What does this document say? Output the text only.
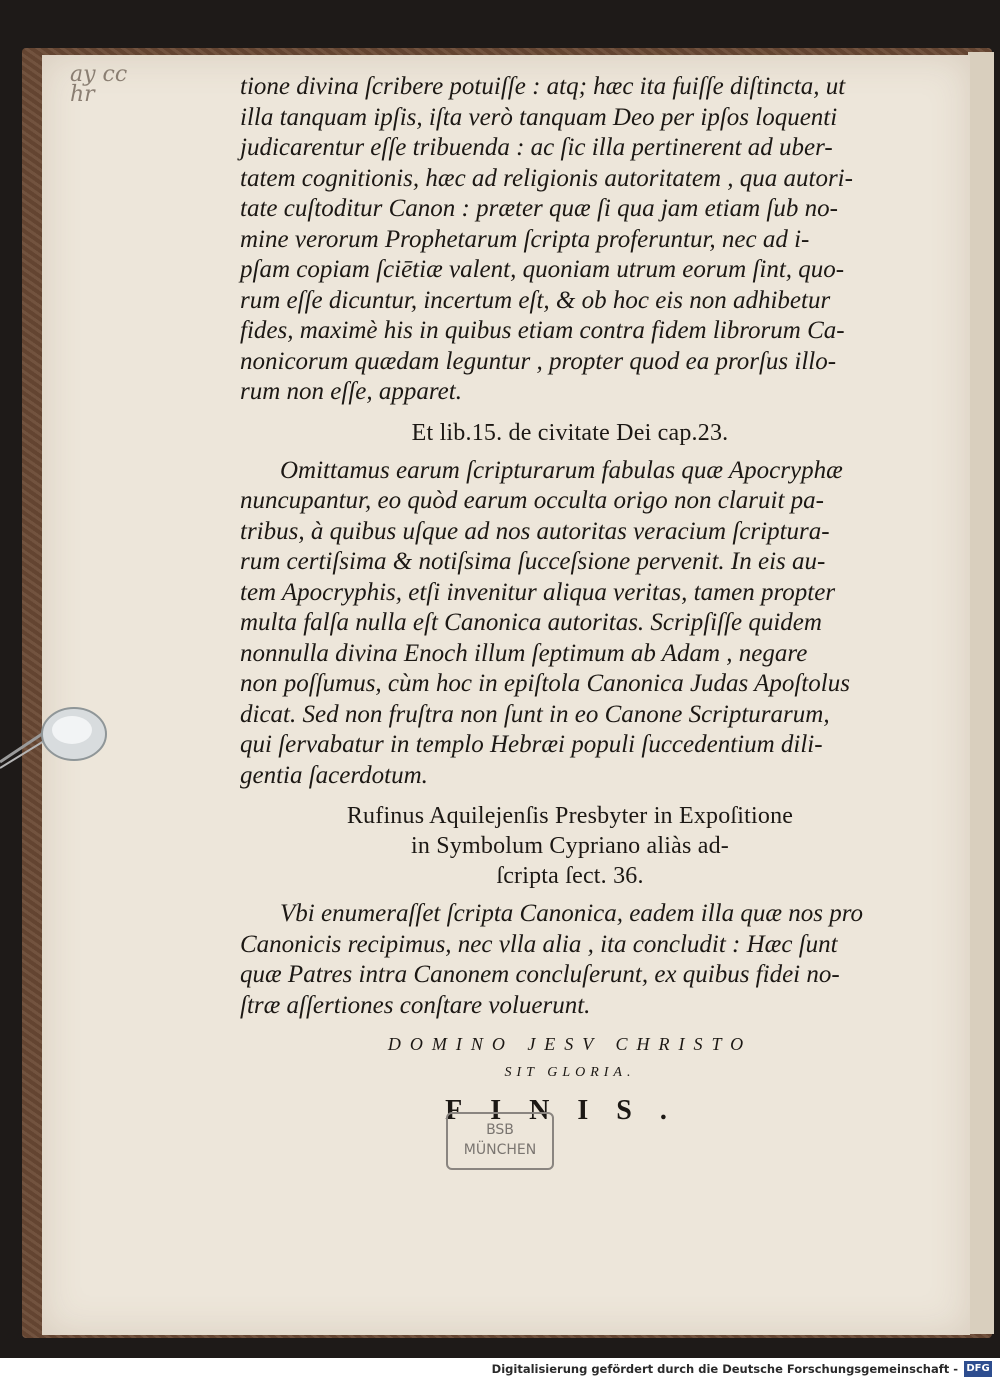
ay cc hr	tione divina ſcribere potuiſſe : atq; hæc ita fuiſſe diſtincta, ut

illa tanquam ipſis, iſta verò tanquam Deo per ipſos loquenti

judicarentur eſſe tribuenda : ac ſic illa pertinerent ad uber-

tatem cognitionis, hæc ad religionis autoritatem , qua autori-

tate cuſtoditur Canon : præter quæ ſi qua jam etiam ſub no-

mine verorum Prophetarum ſcripta proferuntur, nec ad i-

pſam copiam ſciētiæ valent, quoniam utrum eorum ſint, quo-

rum eſſe dicuntur, incertum eſt, & ob hoc eis non adhibetur

fides, maximè his in quibus etiam contra fidem librorum Ca-

nonicorum quædam leguntur , propter quod ea prorſus illo-

rum non eſſe, apparet.

Et lib.15. de civitate Dei cap.23.

Omittamus earum ſcripturarum fabulas quæ Apocryphæ

nuncupantur, eo quòd earum occulta origo non claruit pa-

tribus, à quibus uſque ad nos autoritas veracium ſcriptura-

rum certiſsima & notiſsima ſucceſsione pervenit. In eis au-

tem Apocryphis, etſi invenitur aliqua veritas, tamen propter

multa falſa nulla eſt Canonica autoritas. Scripſiſſe quidem

nonnulla divina Enoch illum ſeptimum ab Adam , negare

non poſſumus, cùm hoc in epiſtola Canonica Judas Apoſtolus

dicat. Sed non fruſtra non ſunt in eo Canone Scripturarum,

qui ſervabatur in templo Hebræi populi ſuccedentium dili-

gentia ſacerdotum.

Rufinus Aquilejenſis Presbyter in Expoſitione
in Symbolum Cypriano aliàs ad-
ſcripta ſect. 36.

Vbi enumeraſſet ſcripta Canonica, eadem illa quæ nos pro

Canonicis recipimus, nec vlla alia , ita concludit : Hæc ſunt

quæ Patres intra Canonem concluſerunt, ex quibus fidei no-

ſtræ aſſertiones conſtare voluerunt.

DOMINO JESV CHRISTO

SIT GLORIA.

FINIS.

BSB
MÜNCHEN
Digitalisierung gefördert durch die Deutsche Forschungsgemeinschaft - DFG
